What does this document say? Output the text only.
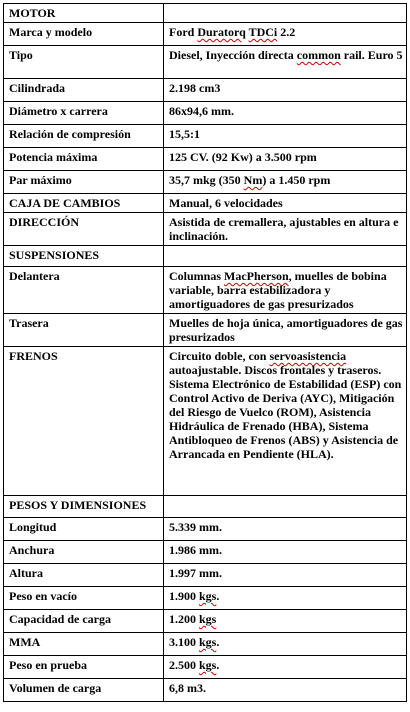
MOTOR	
Marca y modelo	Ford Duratorq TDCi 2.2
Tipo	Diesel, Inyección directa common rail. Euro 5
Cilindrada	2.198 cm3
Diámetro x carrera	86x94,6 mm.
Relación de compresión	15,5:1
Potencia máxima	125 CV. (92 Kw) a 3.500 rpm
Par máximo	35,7 mkg (350 Nm) a 1.450 rpm
CAJA DE CAMBIOS	Manual, 6 velocidades
DIRECCIÓN	Asistida de cremallera, ajustables en altura e inclinación.
SUSPENSIONES	
Delantera	Columnas MacPherson, muelles de bobina variable, barra estabilizadora y amortiguadores de gas presurizados
Trasera	Muelles de hoja única, amortiguadores de gas presurizados
FRENOS	Circuito doble, con servoasistencia autoajustable. Discos frontales y traseros. Sistema Electrónico de Estabilidad (ESP) con Control Activo de Deriva (AYC), Mitigación del Riesgo de Vuelco (ROM), Asistencia Hidráulica de Frenado (HBA), Sistema Antibloqueo de Frenos (ABS) y Asistencia de Arrancada en Pendiente (HLA).
PESOS Y DIMENSIONES	
Longitud	5.339 mm.
Anchura	1.986 mm.
Altura	1.997 mm.
Peso en vacío	1.900 kgs.
Capacidad de carga	1.200 kgs
MMA	3.100 kgs.
Peso en prueba	2.500 kgs.
Volumen de carga	6,8 m3.
